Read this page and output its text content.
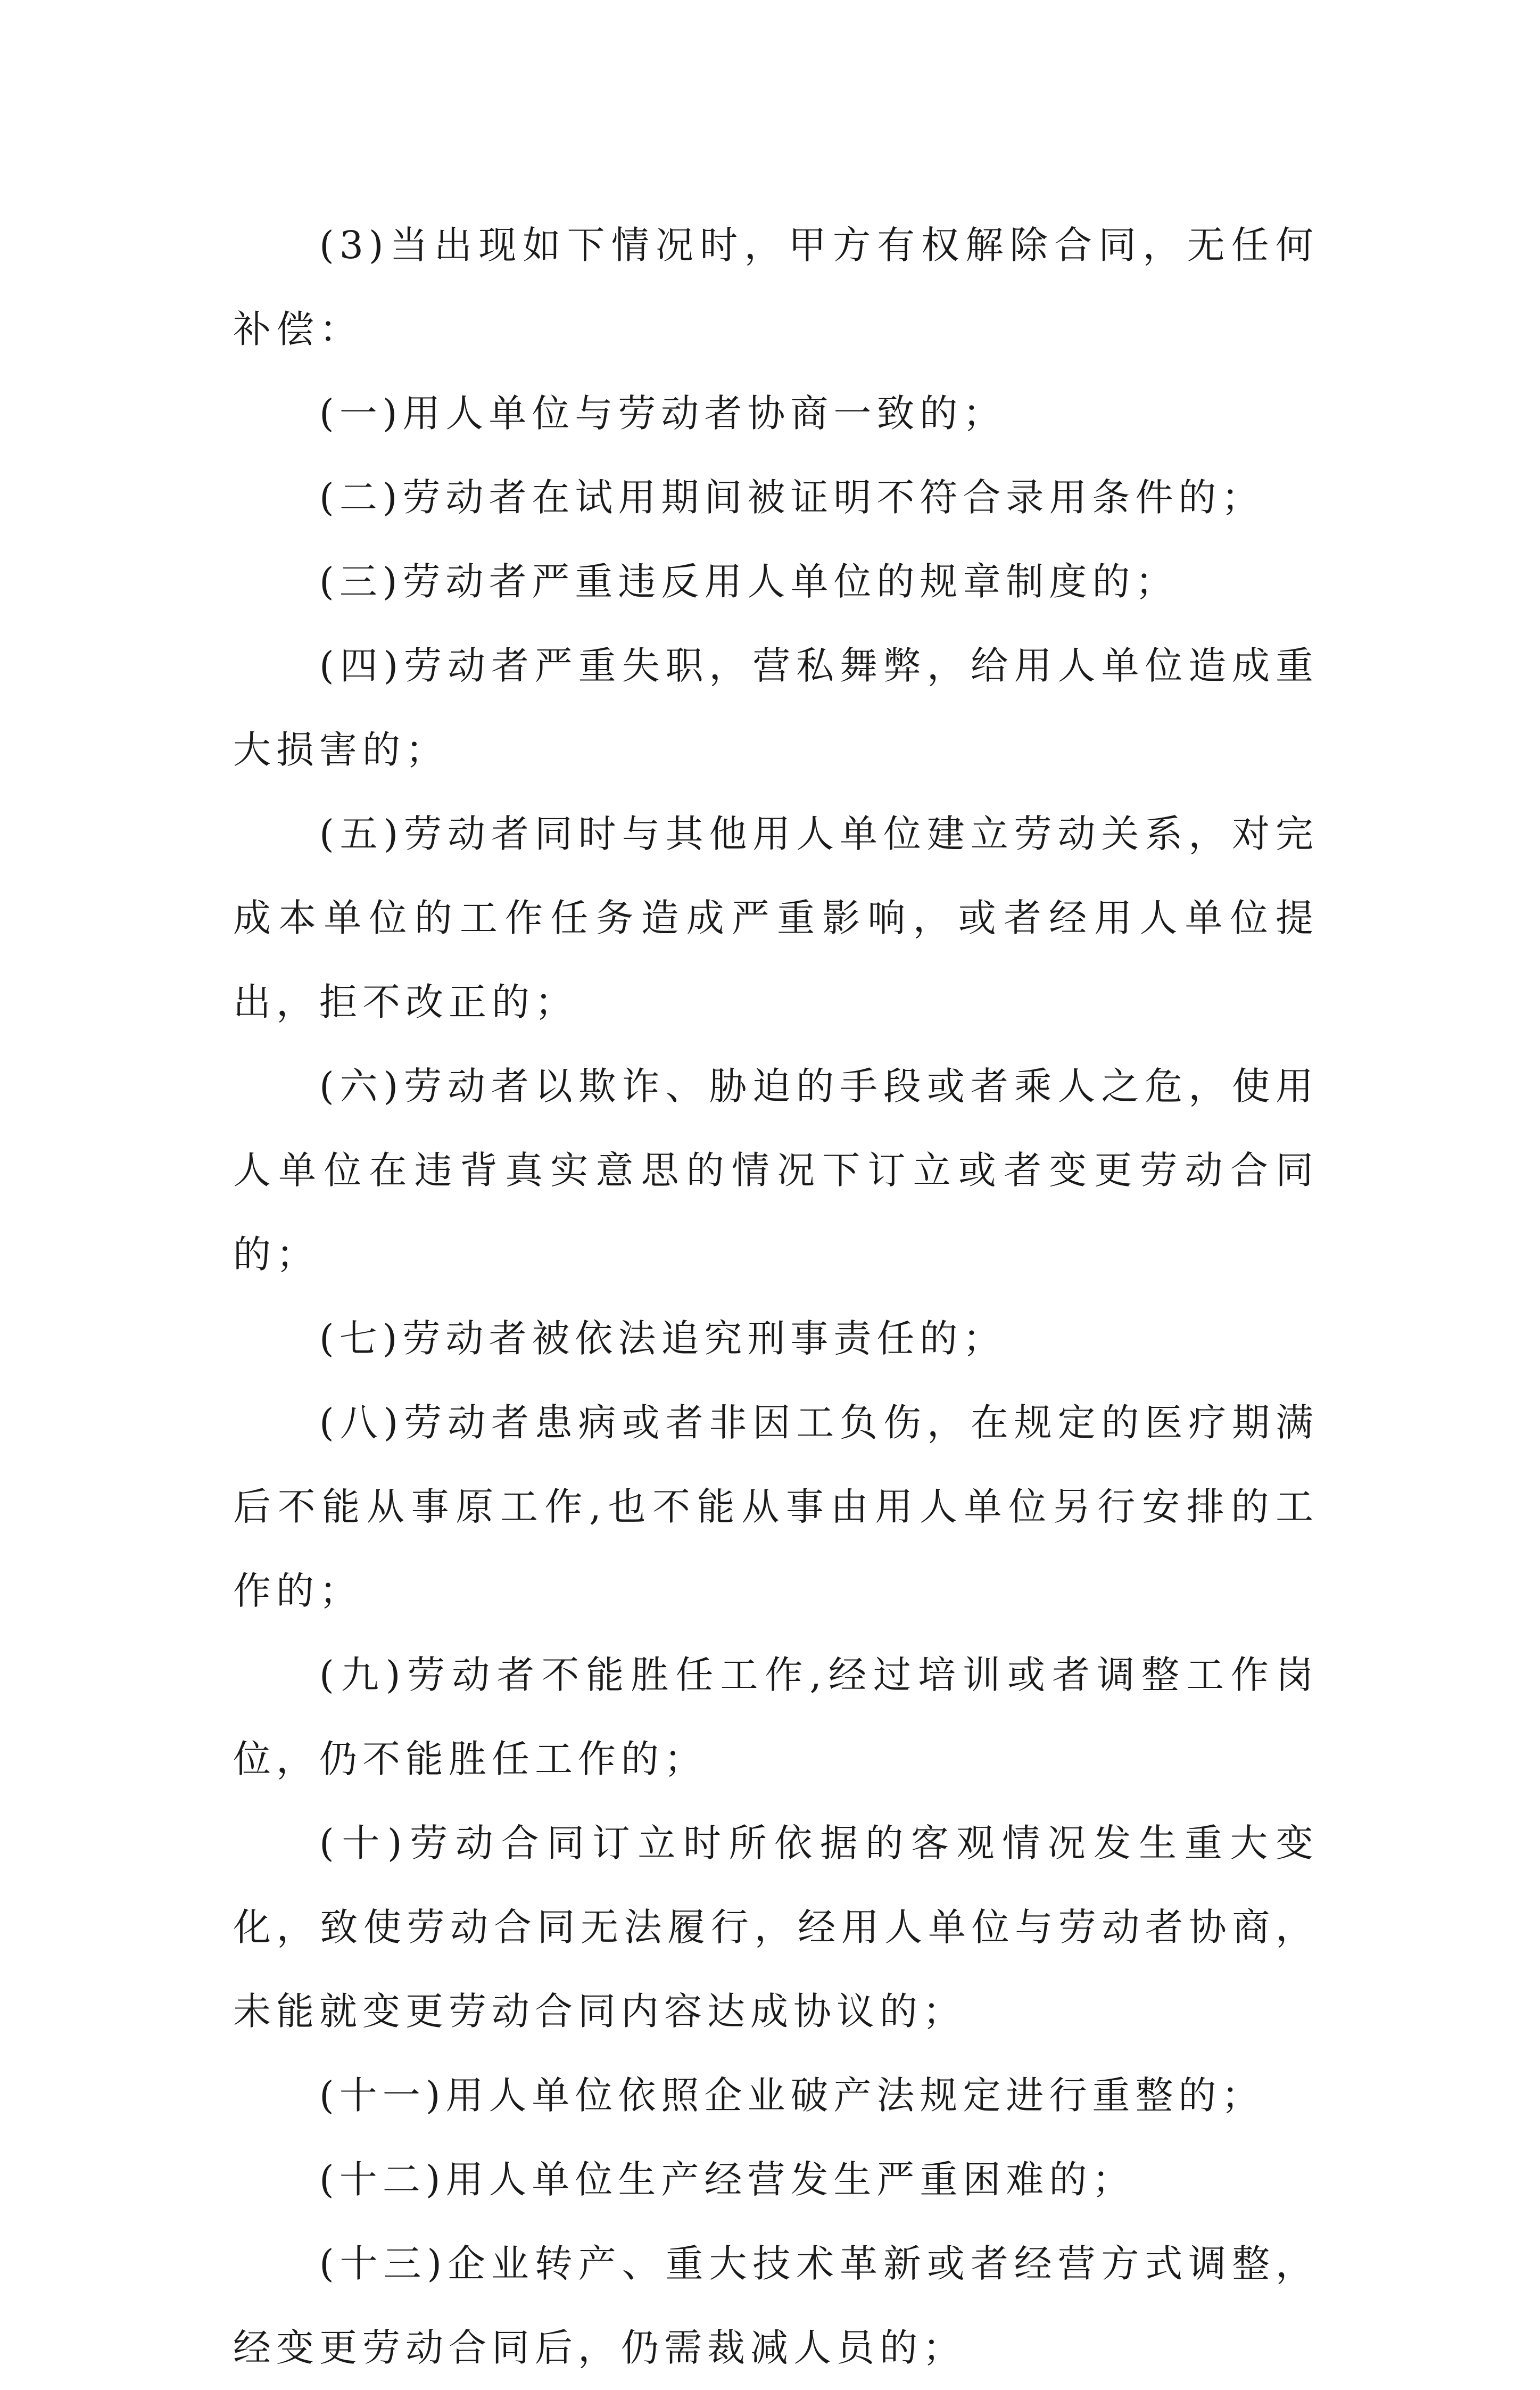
(3)当出现如下情况时，甲方有权解除合同，无任何补偿：

(一)用人单位与劳动者协商一致的；

(二)劳动者在试用期间被证明不符合录用条件的；

(三)劳动者严重违反用人单位的规章制度的；

(四)劳动者严重失职，营私舞弊，给用人单位造成重大损害的；

(五)劳动者同时与其他用人单位建立劳动关系，对完成本单位的工作任务造成严重影响，或者经用人单位提出，拒不改正的；

(六)劳动者以欺诈、胁迫的手段或者乘人之危，使用人单位在违背真实意思的情况下订立或者变更劳动合同的；

(七)劳动者被依法追究刑事责任的；

(八)劳动者患病或者非因工负伤，在规定的医疗期满后不能从事原工作,也不能从事由用人单位另行安排的工作的；

(九)劳动者不能胜任工作,经过培训或者调整工作岗位，仍不能胜任工作的；

(十)劳动合同订立时所依据的客观情况发生重大变化，致使劳动合同无法履行，经用人单位与劳动者协商，未能就变更劳动合同内容达成协议的；

(十一)用人单位依照企业破产法规定进行重整的；

(十二)用人单位生产经营发生严重困难的；

(十三)企业转产、重大技术革新或者经营方式调整，经变更劳动合同后，仍需裁减人员的；
